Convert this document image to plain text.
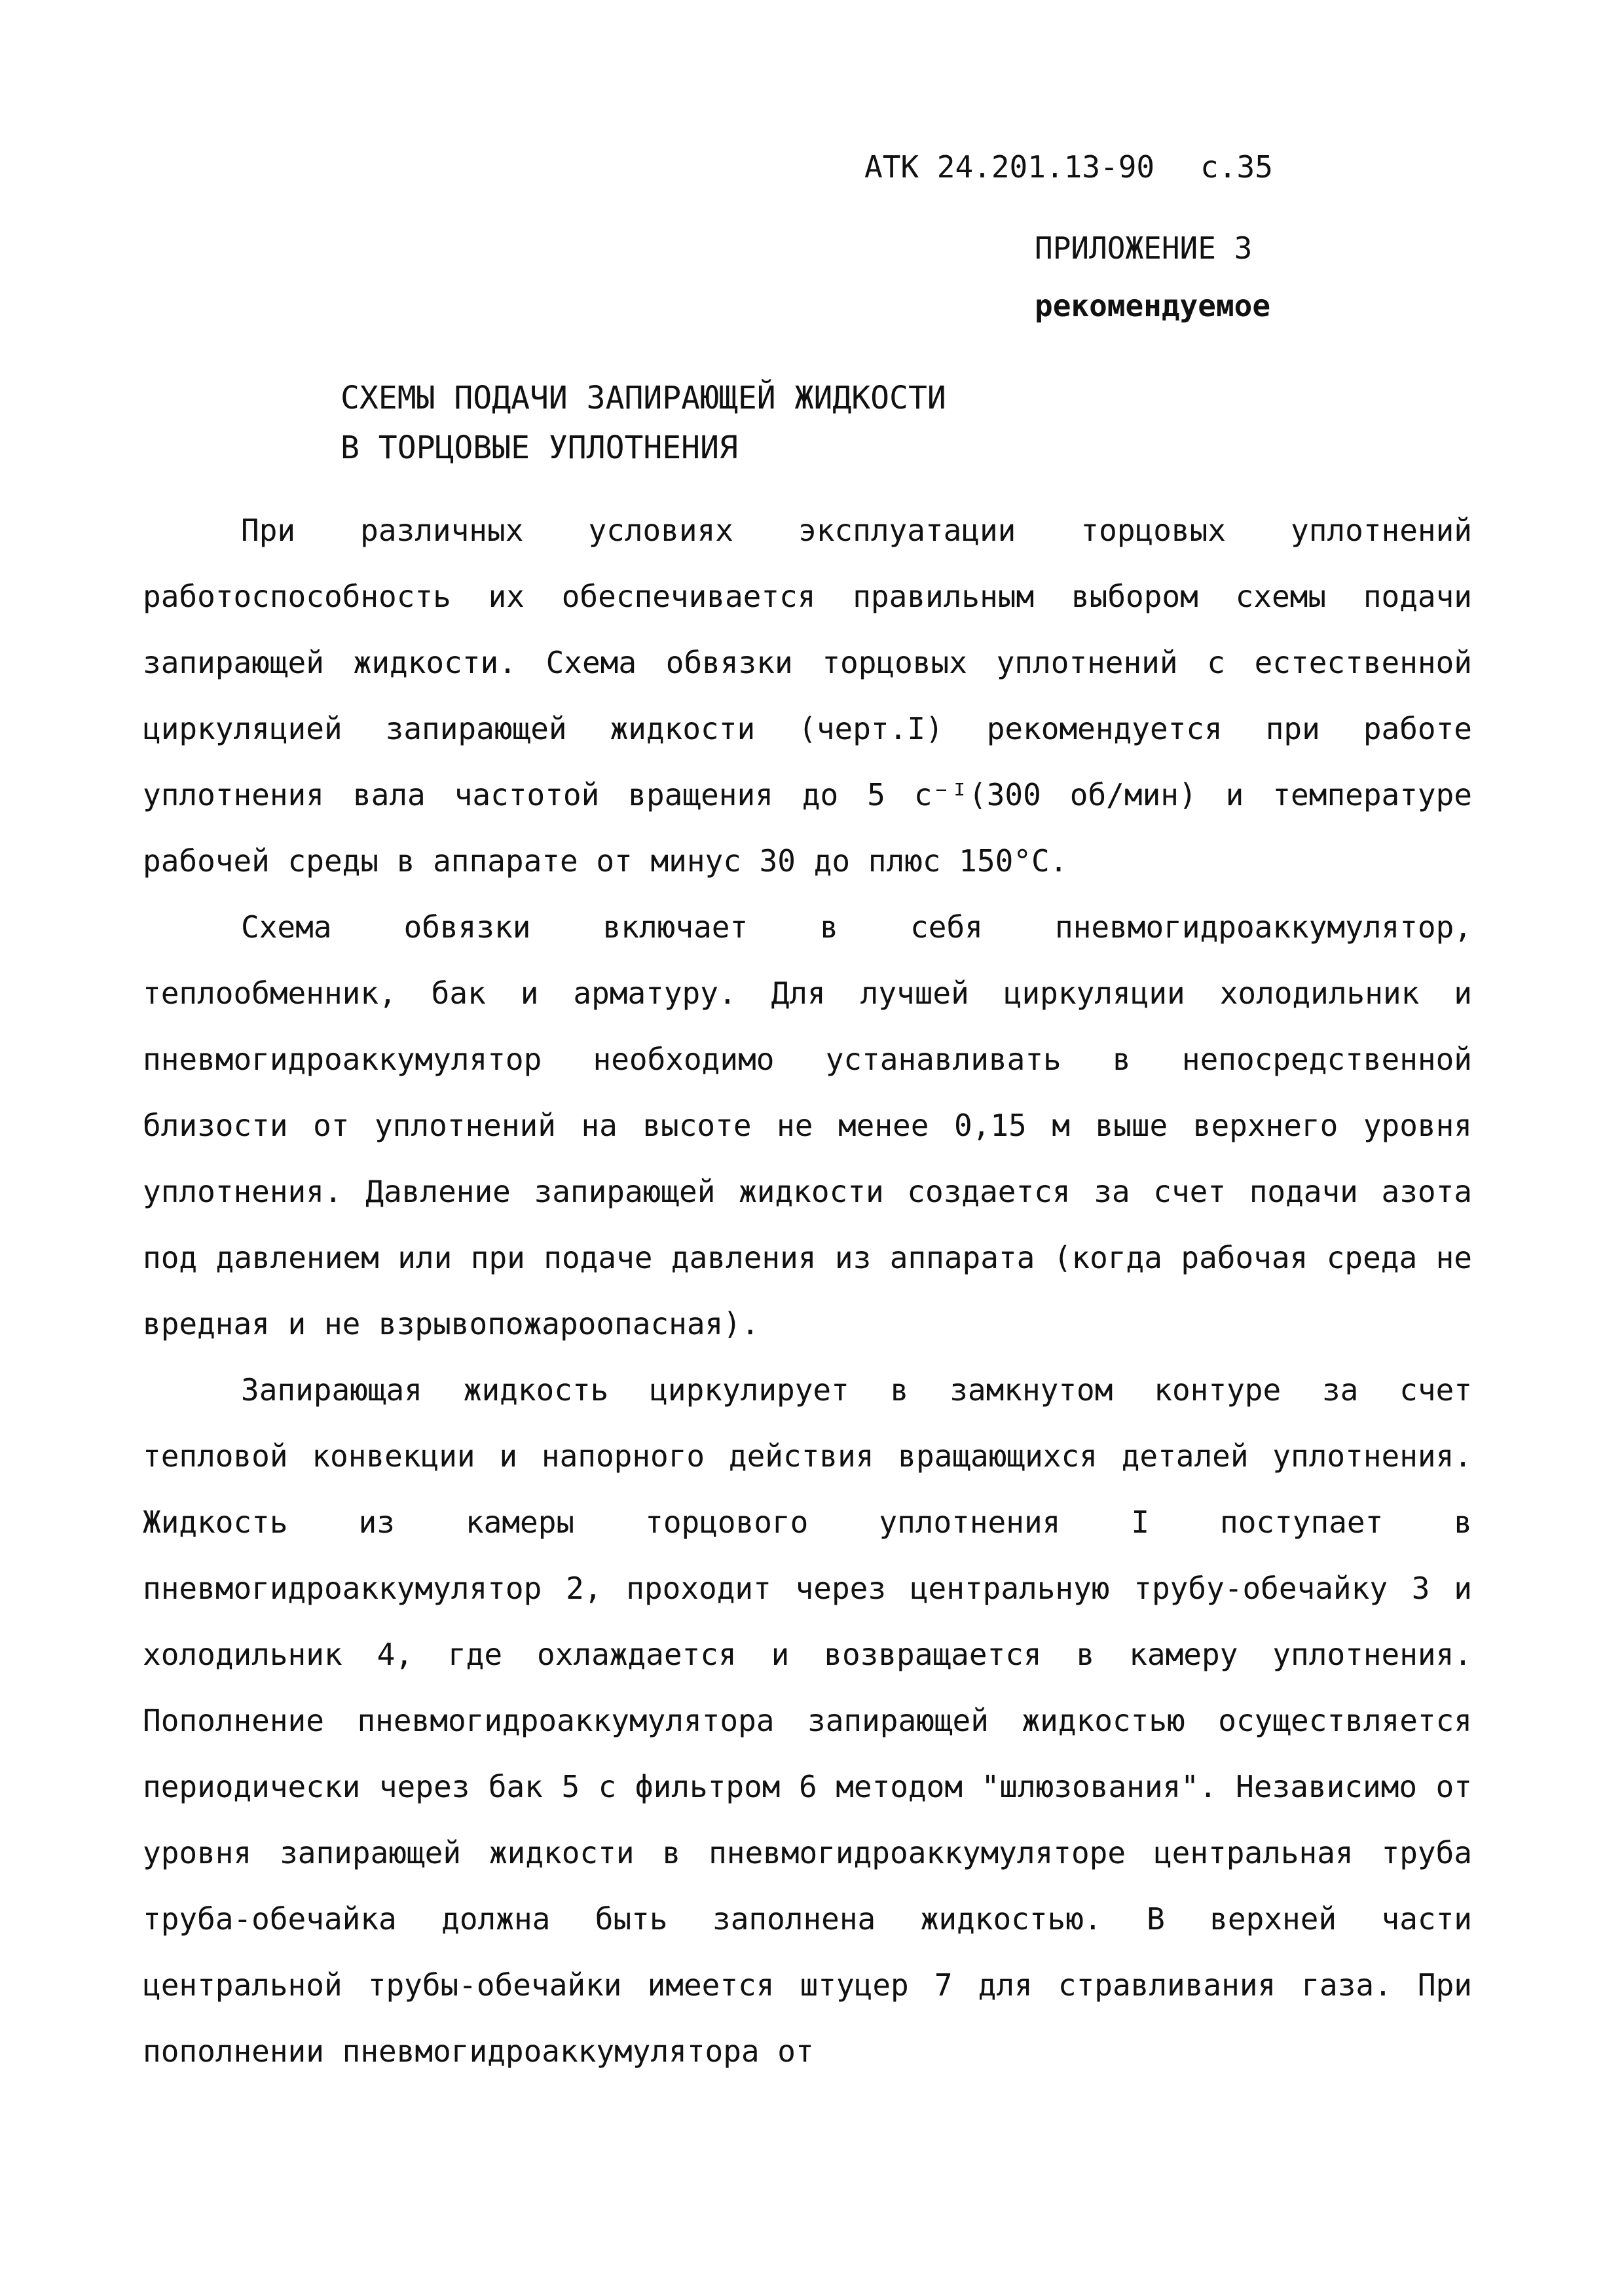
АТК 24.201.13-90 с.35
ПРИЛОЖЕНИЕ 3
рекомендуемое
СХЕМЫ ПОДАЧИ ЗАПИРАЮЩЕЙ ЖИДКОСТИ
В ТОРЦОВЫЕ УПЛОТНЕНИЯ

При различных условиях эксплуатации торцовых уплотнений работоспособность их обеспечивается правильным выбором схемы подачи запирающей жидкости. Схема обвязки торцовых уплотнений с естественной циркуляцией запирающей жидкости (черт.I) рекомендуется при работе уплотнения вала частотой вращения до 5 с⁻ᴵ(300 об/мин) и температуре рабочей среды в аппарате от минус 30 до плюс 150°С.

Схема обвязки включает в себя пневмогидроаккумулятор, теплообменник, бак и арматуру. Для лучшей циркуляции холодильник и пневмогидроаккумулятор необходимо устанавливать в непосредственной близости от уплотнений на высоте не менее 0,15 м выше верхнего уровня уплотнения. Давление запирающей жидкости создается за счет подачи азота под давлением или при подаче давления из аппарата (когда рабочая среда не вредная и не взрывопожароопасная).

Запирающая жидкость циркулирует в замкнутом контуре за счет тепловой конвекции и напорного действия вращающихся деталей уплотнения. Жидкость из камеры торцового уплотнения I поступает в пневмогидроаккумулятор 2, проходит через центральную трубу-обечайку 3 и холодильник 4, где охлаждается и возвращается в камеру уплотнения. Пополнение пневмогидроаккумулятора запирающей жидкостью осуществляется периодически через бак 5 с фильтром 6 методом "шлюзования". Независимо от уровня запирающей жидкости в пневмогидроаккумуляторе центральная труба труба-обечайка должна быть заполнена жидкостью. В верхней части центральной трубы-обечайки имеется штуцер 7 для стравливания газа. При пополнении пневмогидроаккумулятора от
